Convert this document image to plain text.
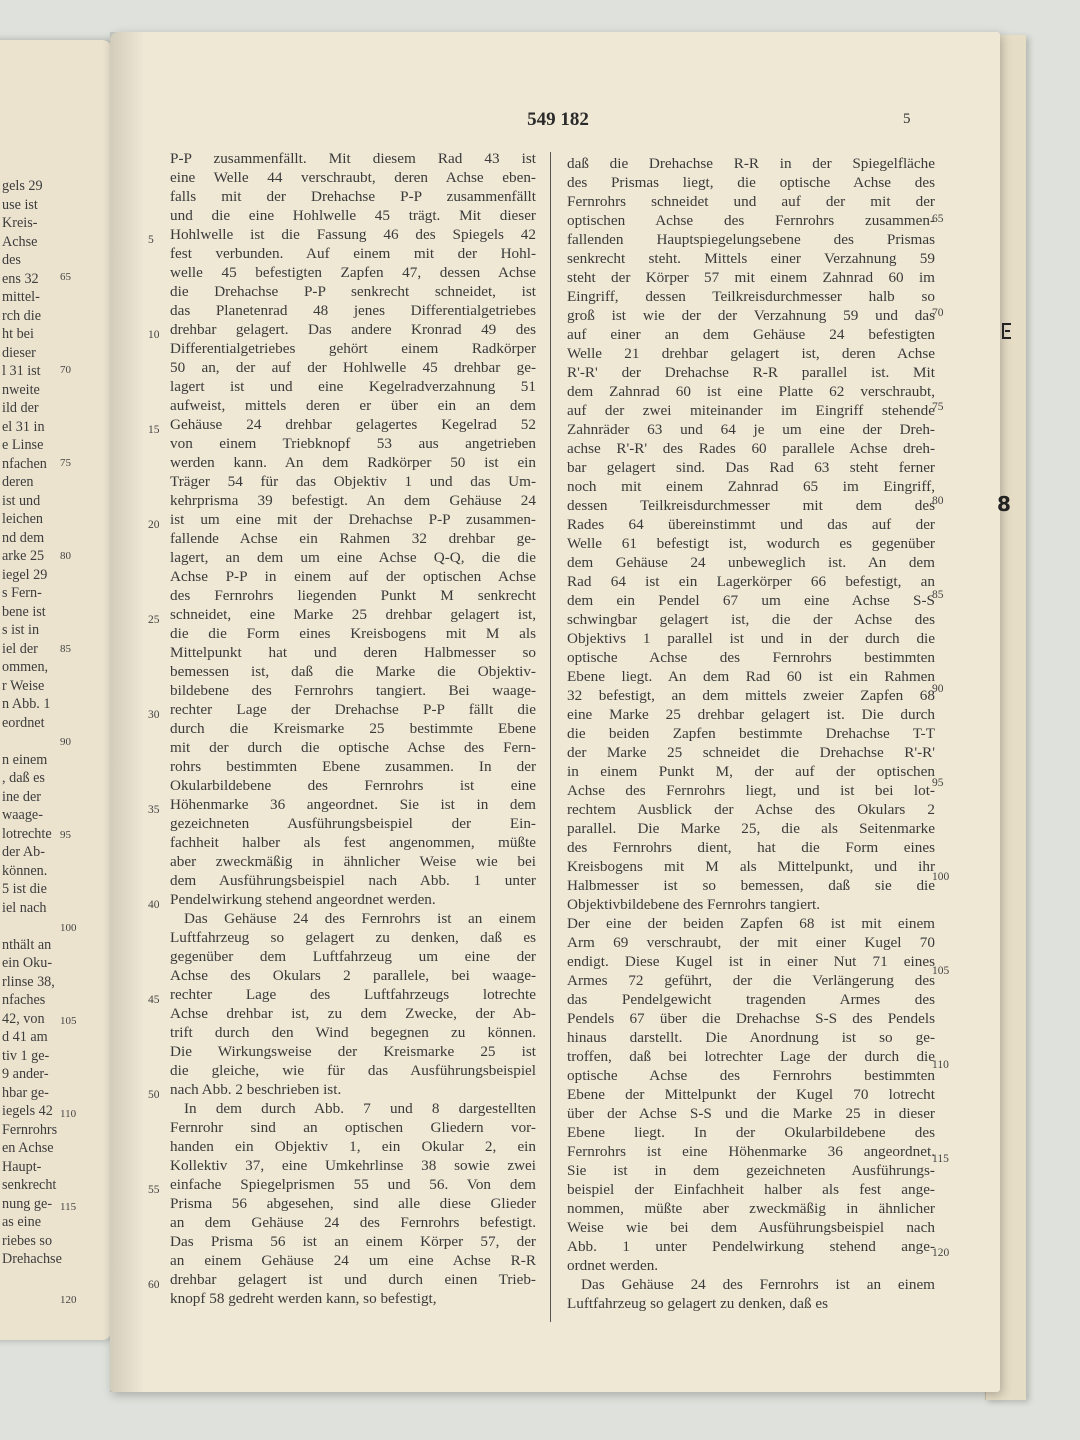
gels 29
use ist
Kreis-
Achse
des
ens 32
mittel-
rch die
ht bei
dieser
l 31 ist
nweite
ild der
el 31 in
e Linse
nfachen
deren
ist und
leichen
nd dem
arke 25
iegel 29
s Fern-
bene ist
s ist in
iel der
ommen,
r Weise
n Abb. 1
eordnet
n einem
, daß es
ine der
waage-
lotrechte
der Ab-
können.
5 ist die
iel nach
nthält an
ein Oku-
rlinse 38,
nfaches
42, von
d 41 am
tiv 1 ge-
9 ander-
hbar ge-
iegels 42
Fernrohrs
en Achse
Haupt-
senkrecht
nung ge-
as eine
riebes so
Drehachse
65
70
75
80
85
90
95
100
105
110
115
120
549 182	5
5
10
15
20
25
30
35
40
45
50
55
60
P-P zusammenfällt. Mit diesem Rad 43 ist
eine Welle 44 verschraubt, deren Achse eben-
falls mit der Drehachse P-P zusammenfällt
und die eine Hohlwelle 45 trägt. Mit dieser
Hohlwelle ist die Fassung 46 des Spiegels 42
fest verbunden. Auf einem mit der Hohl-
welle 45 befestigten Zapfen 47, dessen Achse
die Drehachse P-P senkrecht schneidet, ist
das Planetenrad 48 jenes Differentialgetriebes
drehbar gelagert. Das andere Kronrad 49 des
Differentialgetriebes gehört einem Radkörper
50 an, der auf der Hohlwelle 45 drehbar ge-
lagert ist und eine Kegelradverzahnung 51
aufweist, mittels deren er über ein an dem
Gehäuse 24 drehbar gelagertes Kegelrad 52
von einem Triebknopf 53 aus angetrieben
werden kann. An dem Radkörper 50 ist ein
Träger 54 für das Objektiv 1 und das Um-
kehrprisma 39 befestigt. An dem Gehäuse 24
ist um eine mit der Drehachse P-P zusammen-
fallende Achse ein Rahmen 32 drehbar ge-
lagert, an dem um eine Achse Q-Q, die die
Achse P-P in einem auf der optischen Achse
des Fernrohrs liegenden Punkt M senkrecht
schneidet, eine Marke 25 drehbar gelagert ist,
die die Form eines Kreisbogens mit M als
Mittelpunkt hat und deren Halbmesser so
bemessen ist, daß die Marke die Objektiv-
bildebene des Fernrohrs tangiert. Bei waage-
rechter Lage der Drehachse P-P fällt die
durch die Kreismarke 25 bestimmte Ebene
mit der durch die optische Achse des Fern-
rohrs bestimmten Ebene zusammen. In der
Okularbildebene des Fernrohrs ist eine
Höhenmarke 36 angeordnet. Sie ist in dem
gezeichneten Ausführungsbeispiel der Ein-
fachheit halber als fest angenommen, müßte
aber zweckmäßig in ähnlicher Weise wie bei
dem Ausführungsbeispiel nach Abb. 1 unter
Pendelwirkung stehend angeordnet werden.
Das Gehäuse 24 des Fernrohrs ist an einem
Luftfahrzeug so gelagert zu denken, daß es
gegenüber dem Luftfahrzeug um eine der
Achse des Okulars 2 parallele, bei waage-
rechter Lage des Luftfahrzeugs lotrechte
Achse drehbar ist, zu dem Zwecke, der Ab-
trift durch den Wind begegnen zu können.
Die Wirkungsweise der Kreismarke 25 ist
die gleiche, wie für das Ausführungsbeispiel
nach Abb. 2 beschrieben ist.
In dem durch Abb. 7 und 8 dargestellten
Fernrohr sind an optischen Gliedern vor-
handen ein Objektiv 1, ein Okular 2, ein
Kollektiv 37, eine Umkehrlinse 38 sowie zwei
einfache Spiegelprismen 55 und 56. Von dem
Prisma 56 abgesehen, sind alle diese Glieder
an dem Gehäuse 24 des Fernrohrs befestigt.
Das Prisma 56 ist an einem Körper 57, der
an einem Gehäuse 24 um eine Achse R-R
drehbar gelagert ist und durch einen Trieb-
knopf 58 gedreht werden kann, so befestigt,
daß die Drehachse R-R in der Spiegelfläche
des Prismas liegt, die optische Achse des
Fernrohrs schneidet und auf der mit der
optischen Achse des Fernrohrs zusammen-
fallenden Hauptspiegelungsebene des Prismas
senkrecht steht. Mittels einer Verzahnung 59
steht der Körper 57 mit einem Zahnrad 60 im
Eingriff, dessen Teilkreisdurchmesser halb so
groß ist wie der der Verzahnung 59 und das
auf einer an dem Gehäuse 24 befestigten
Welle 21 drehbar gelagert ist, deren Achse
R'-R' der Drehachse R-R parallel ist. Mit
dem Zahnrad 60 ist eine Platte 62 verschraubt,
auf der zwei miteinander im Eingriff stehende
Zahnräder 63 und 64 je um eine der Dreh-
achse R'-R' des Rades 60 parallele Achse dreh-
bar gelagert sind. Das Rad 63 steht ferner
noch mit einem Zahnrad 65 im Eingriff,
dessen Teilkreisdurchmesser mit dem des
Rades 64 übereinstimmt und das auf der
Welle 61 befestigt ist, wodurch es gegenüber
dem Gehäuse 24 unbeweglich ist. An dem
Rad 64 ist ein Lagerkörper 66 befestigt, an
dem ein Pendel 67 um eine Achse S-S
schwingbar gelagert ist, die der Achse des
Objektivs 1 parallel ist und in der durch die
optische Achse des Fernrohrs bestimmten
Ebene liegt. An dem Rad 60 ist ein Rahmen
32 befestigt, an dem mittels zweier Zapfen 68
eine Marke 25 drehbar gelagert ist. Die durch
die beiden Zapfen bestimmte Drehachse T-T
der Marke 25 schneidet die Drehachse R'-R'
in einem Punkt M, der auf der optischen
Achse des Fernrohrs liegt, und ist bei lot-
rechtem Ausblick der Achse des Okulars 2
parallel. Die Marke 25, die als Seitenmarke
des Fernrohrs dient, hat die Form eines
Kreisbogens mit M als Mittelpunkt, und ihr
Halbmesser ist so bemessen, daß sie die
Objektivbildebene des Fernrohrs tangiert.
Der eine der beiden Zapfen 68 ist mit einem
Arm 69 verschraubt, der mit einer Kugel 70
endigt. Diese Kugel ist in einer Nut 71 eines
Armes 72 geführt, der die Verlängerung des
das Pendelgewicht tragenden Armes des
Pendels 67 über die Drehachse S-S des Pendels
hinaus darstellt. Die Anordnung ist so ge-
troffen, daß bei lotrechter Lage der durch die
optische Achse des Fernrohrs bestimmten
Ebene der Mittelpunkt der Kugel 70 lotrecht
über der Achse S-S und die Marke 25 in dieser
Ebene liegt. In der Okularbildebene des
Fernrohrs ist eine Höhenmarke 36 angeordnet.
Sie ist in dem gezeichneten Ausführungs-
beispiel der Einfachheit halber als fest ange-
nommen, müßte aber zweckmäßig in ähnlicher
Weise wie bei dem Ausführungsbeispiel nach
Abb. 1 unter Pendelwirkung stehend ange-
ordnet werden.
Das Gehäuse 24 des Fernrohrs ist an einem
Luftfahrzeug so gelagert zu denken, daß es
65
70
75
80
85
90
95
100
105
110
115
120
8
